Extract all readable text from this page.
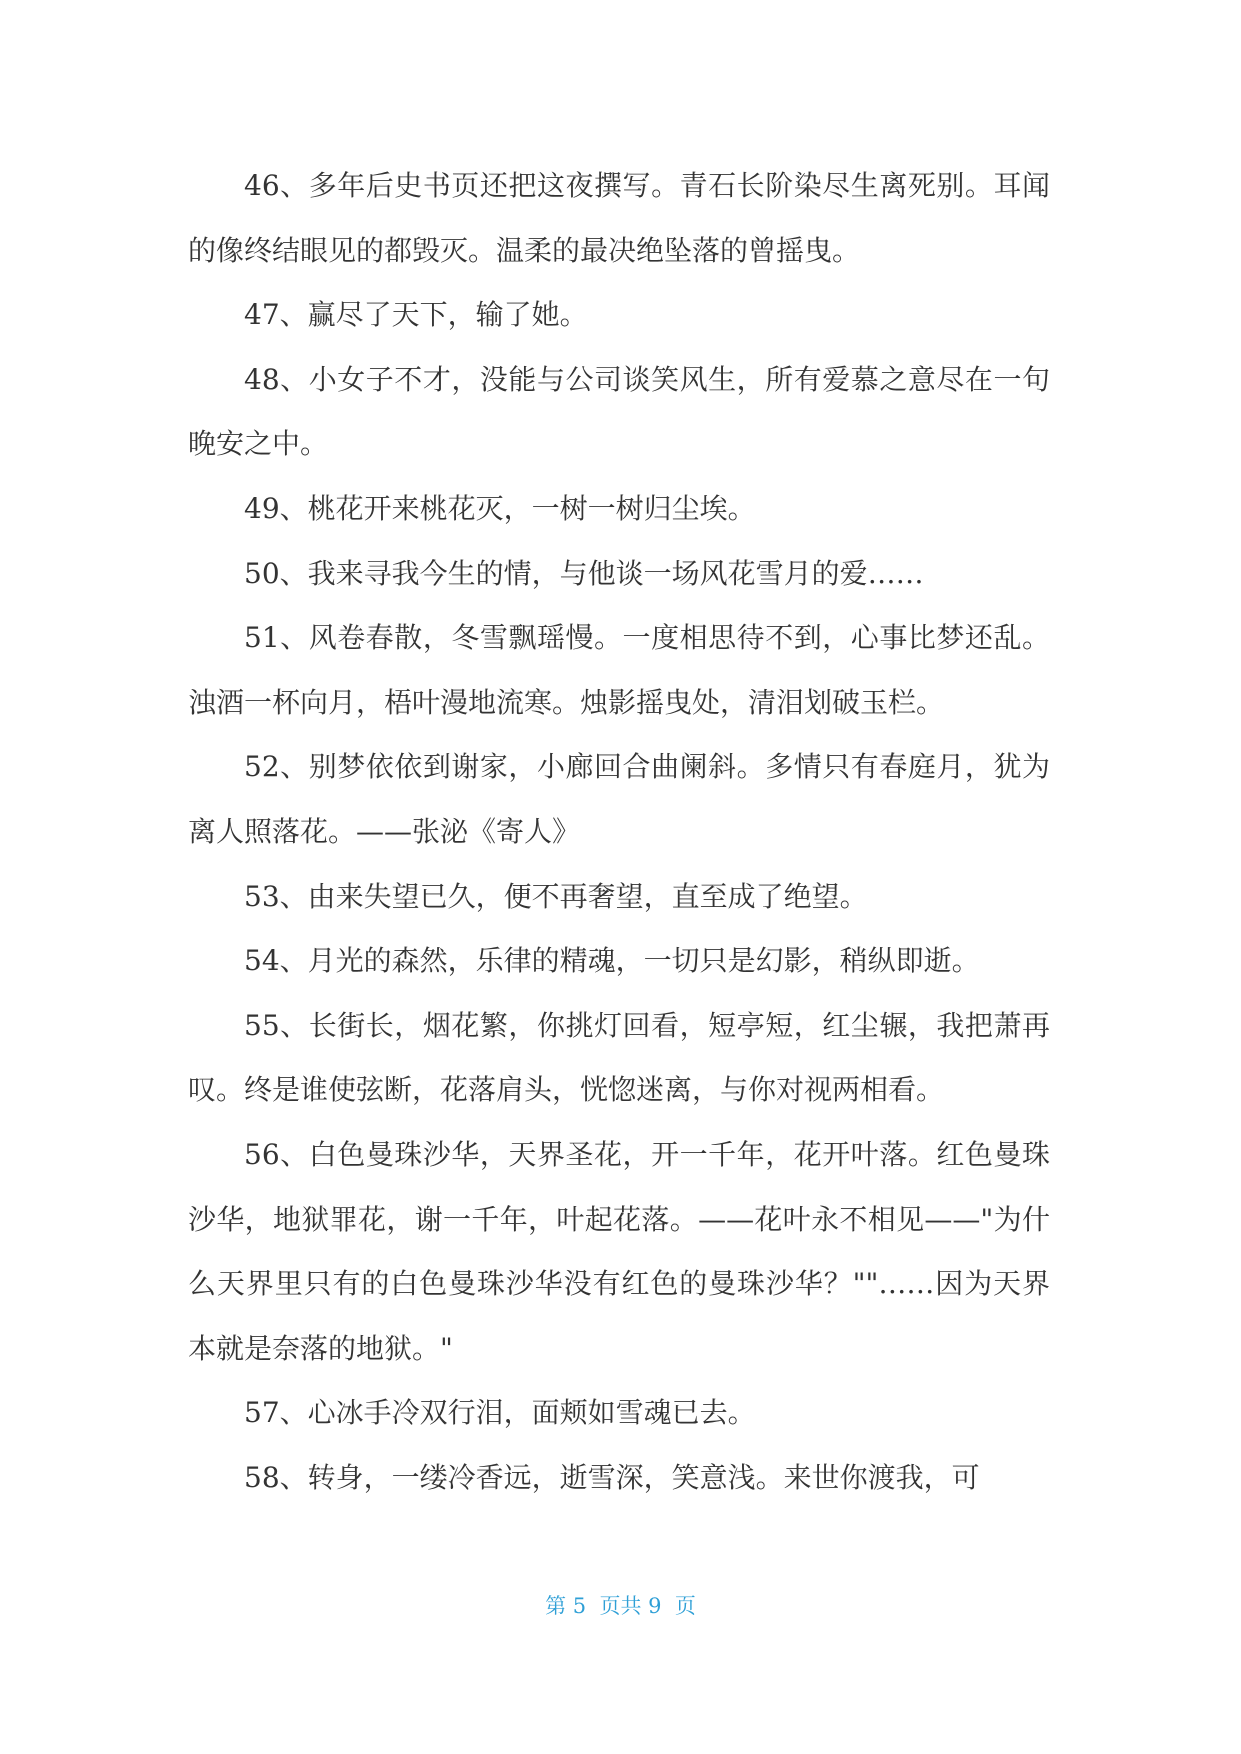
46、多年后史书页还把这夜撰写。青石长阶染尽生离死别。耳闻的像终结眼见的都毁灭。温柔的最决绝坠落的曾摇曳。

47、赢尽了天下，输了她。

48、小女子不才，没能与公司谈笑风生，所有爱慕之意尽在一句晚安之中。

49、桃花开来桃花灭，一树一树归尘埃。

50、我来寻我今生的情，与他谈一场风花雪月的爱……

51、风卷春散，冬雪飘瑶慢。一度相思待不到，心事比梦还乱。浊酒一杯向月，梧叶漫地流寒。烛影摇曳处，清泪划破玉栏。

52、别梦依依到谢家，小廊回合曲阑斜。多情只有春庭月，犹为离人照落花。——张泌《寄人》

53、由来失望已久，便不再奢望，直至成了绝望。

54、月光的森然，乐律的精魂，一切只是幻影，稍纵即逝。

55、长街长，烟花繁，你挑灯回看，短亭短，红尘辗，我把萧再叹。终是谁使弦断，花落肩头，恍惚迷离，与你对视两相看。

56、白色曼珠沙华，天界圣花，开一千年，花开叶落。红色曼珠沙华，地狱罪花，谢一千年，叶起花落。——花叶永不相见——"为什么天界里只有的白色曼珠沙华没有红色的曼珠沙华？""……因为天界本就是奈落的地狱。"

57、心冰手冷双行泪，面颊如雪魂已去。

58、转身，一缕冷香远，逝雪深，笑意浅。来世你渡我，可

第 5  页共 9  页
